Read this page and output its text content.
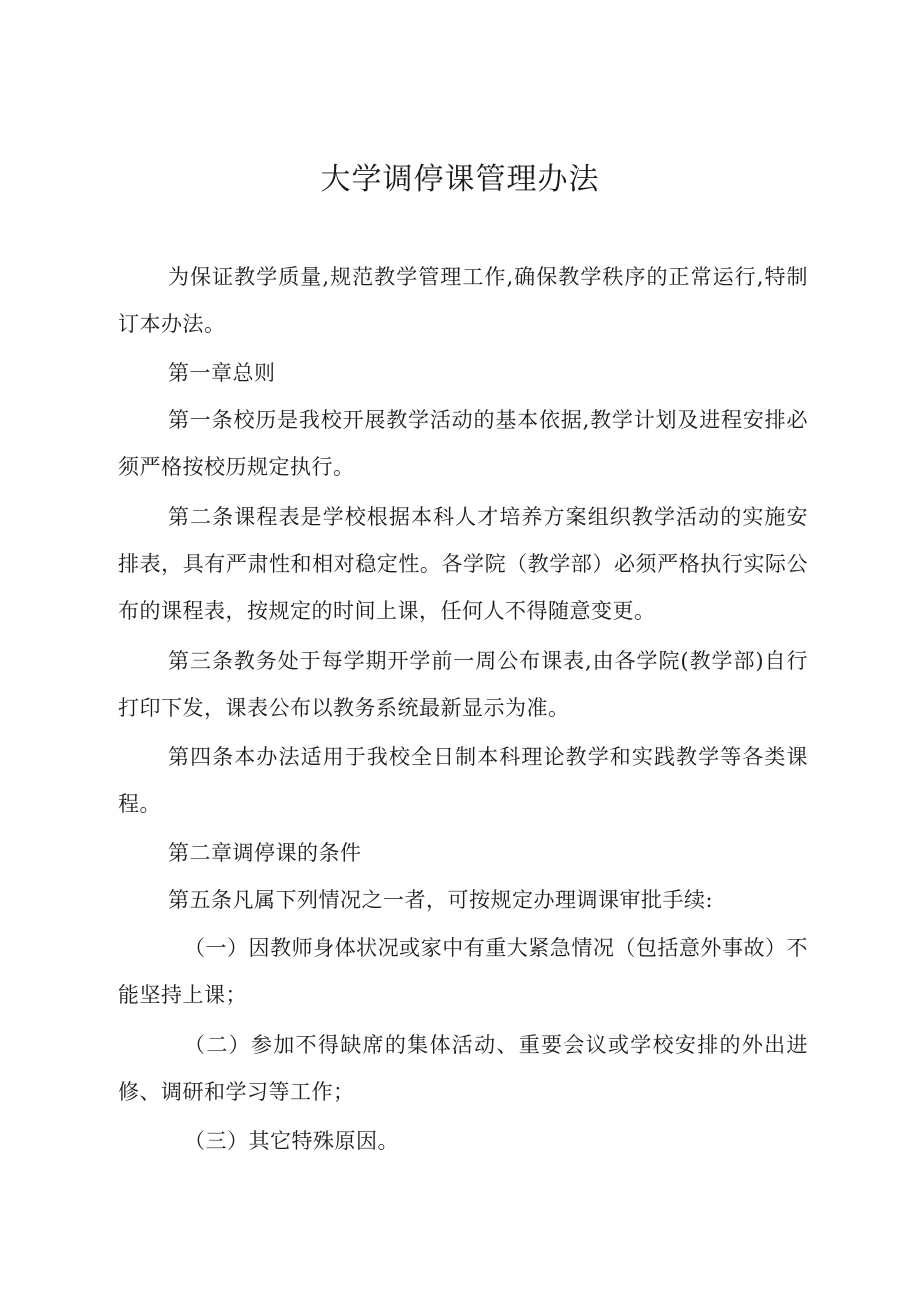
大学调停课管理办法

为保证教学质量,规范教学管理工作,确保教学秩序的正常运行,特制订本办法。

第一章总则

第一条校历是我校开展教学活动的基本依据,教学计划及进程安排必须严格按校历规定执行。

第二条课程表是学校根据本科人才培养方案组织教学活动的实施安排表，具有严肃性和相对稳定性。各学院（教学部）必须严格执行实际公布的课程表，按规定的时间上课，任何人不得随意变更。

第三条教务处于每学期开学前一周公布课表,由各学院(教学部)自行打印下发，课表公布以教务系统最新显示为准。

第四条本办法适用于我校全日制本科理论教学和实践教学等各类课程。

第二章调停课的条件

第五条凡属下列情况之一者，可按规定办理调课审批手续:

（一）因教师身体状况或家中有重大紧急情况（包括意外事故）不能坚持上课；

（二）参加不得缺席的集体活动、重要会议或学校安排的外出进修、调研和学习等工作；

（三）其它特殊原因。
